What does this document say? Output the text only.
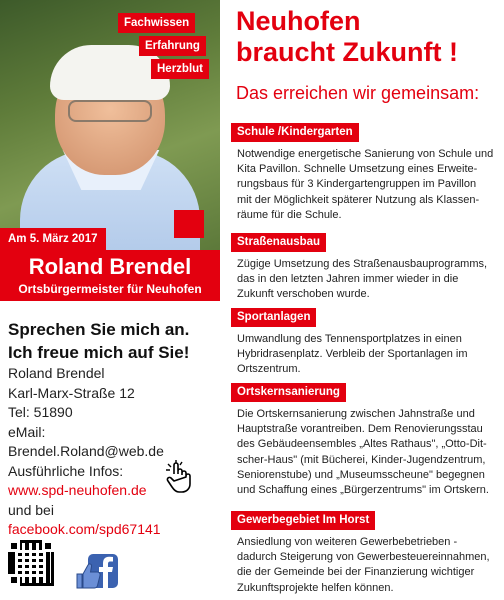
Fachwissen
Erfahrung
Herzblut
Am 5. März 2017
Roland Brendel
Ortsbürgermeister für Neuhofen
Sprechen Sie mich an.
Ich freue mich auf Sie!
Roland Brendel
Karl-Marx-Straße 12
Tel: 51890
eMail:
Brendel.Roland@web.de
Ausführliche Infos:
www.spd-neuhofen.de
und bei
facebook.com/spd67141
Neuhofen
braucht Zukunft !
Das erreichen wir gemeinsam:
Schule /Kindergarten
Notwendige energetische Sanierung von Schule und
Kita Pavillon. Schnelle Umsetzung eines Erweite-
rungsbaus für 3 Kindergartengruppen im Pavillon
mit der Möglichkeit späterer Nutzung als Klassen-
räume für die Schule.
Straßenausbau
Zügige Umsetzung des Straßenausbauprogramms,
das in den letzten Jahren immer wieder in die
Zukunft verschoben wurde.
Sportanlagen
Umwandlung des Tennensportplatzes in einen
Hybridrasenplatz. Verbleib der Sportanlagen im
Ortszentrum.
Ortskernsanierung
Die Ortskernsanierung zwischen Jahnstraße und
Hauptstraße vorantreiben. Dem Renovierungsstau
des Gebäudeensembles „Altes Rathaus", „Otto-Dit-
scher-Haus" (mit Bücherei, Kinder-Jugendzentrum,
Seniorenstube) und „Museumsscheune" begegnen
und Schaffung eines „Bürgerzentrums" im Ortskern.
Gewerbegebiet Im Horst
Ansiedlung von weiteren Gewerbebetrieben -
dadurch Steigerung von Gewerbesteuereinnahmen,
die der Gemeinde bei der Finanzierung wichtiger
Zukunftsprojekte helfen können.
